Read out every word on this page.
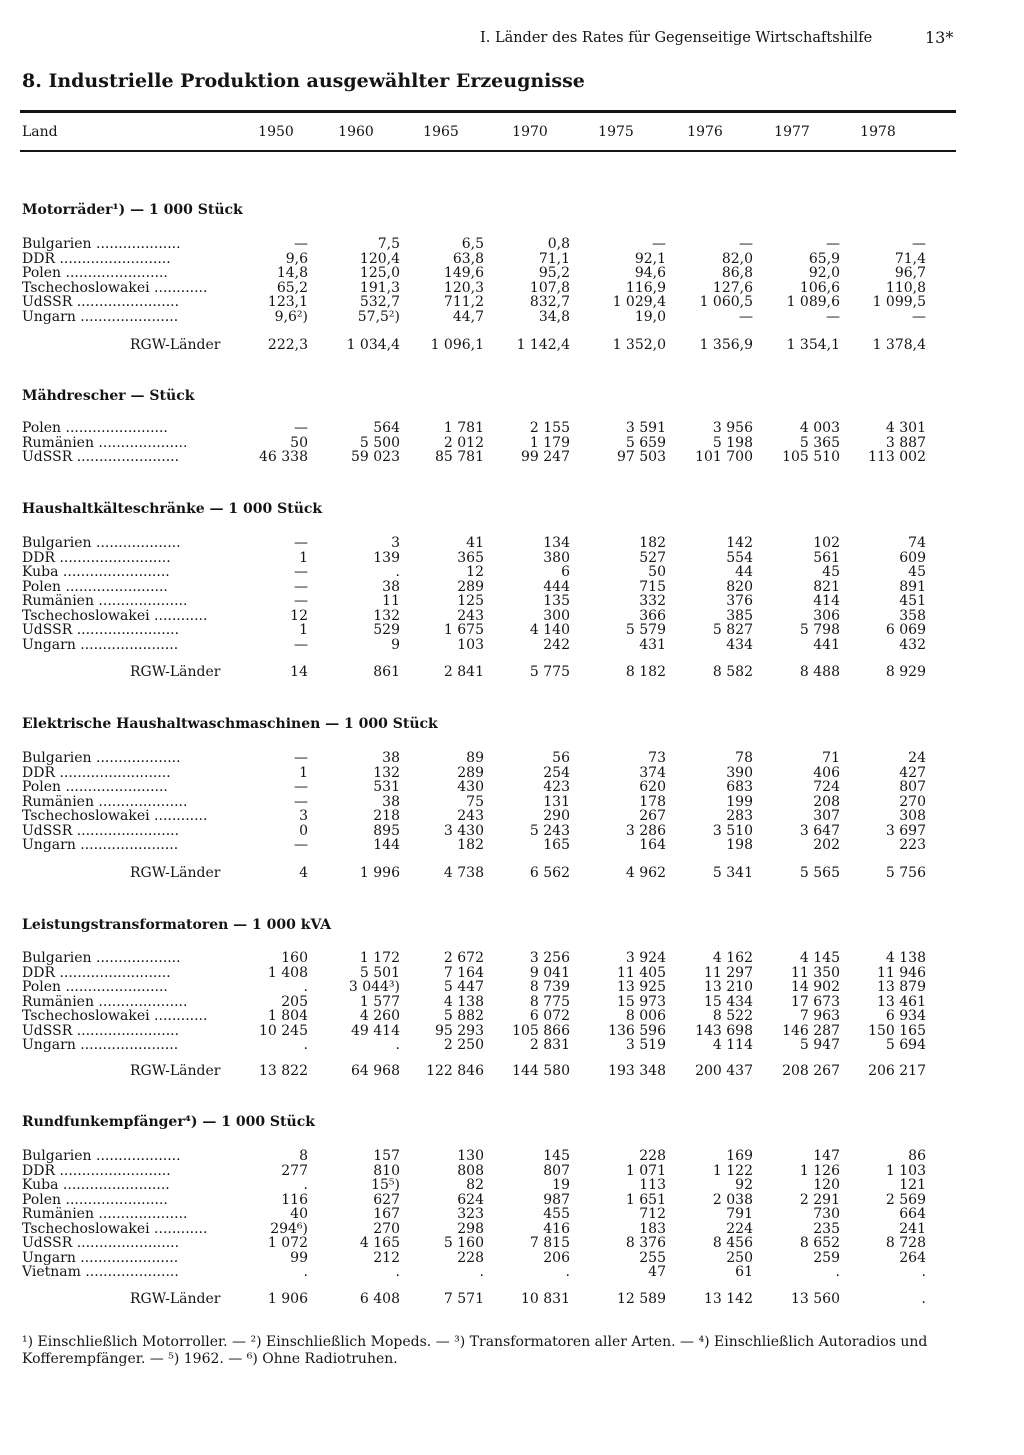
I. Länder des Rates für Gegenseitige Wirtschaftshilfe	13*
8. Industrielle Produktion ausgewählter Erzeugnisse
Land	1950	1960	1965	1970	1975	1976	1977	1978
Motorräder¹) — 1 000 Stück
Bulgarien ...................	—	7,5	6,5	0,8	—	—	—	—
DDR .........................	9,6	120,4	63,8	71,1	92,1	82,0	65,9	71,4
Polen .......................	14,8	125,0	149,6	95,2	94,6	86,8	92,0	96,7
Tschechoslowakei ............	65,2	191,3	120,3	107,8	116,9	127,6	106,6	110,8
UdSSR .......................	123,1	532,7	711,2	832,7	1 029,4	1 060,5	1 089,6	1 099,5
Ungarn ......................	9,6²)	57,5²)	44,7	34,8	19,0	—	—	—
RGW-Länder	222,3	1 034,4	1 096,1	1 142,4	1 352,0	1 356,9	1 354,1	1 378,4
Mähdrescher — Stück
Polen .......................	—	564	1 781	2 155	3 591	3 956	4 003	4 301
Rumänien ....................	50	5 500	2 012	1 179	5 659	5 198	5 365	3 887
UdSSR .......................	46 338	59 023	85 781	99 247	97 503	101 700	105 510	113 002
Haushaltkälteschränke — 1 000 Stück
Bulgarien ...................	—	3	41	134	182	142	102	74
DDR .........................	1	139	365	380	527	554	561	609
Kuba ........................	—	.	12	6	50	44	45	45
Polen .......................	—	38	289	444	715	820	821	891
Rumänien ....................	—	11	125	135	332	376	414	451
Tschechoslowakei ............	12	132	243	300	366	385	306	358
UdSSR .......................	1	529	1 675	4 140	5 579	5 827	5 798	6 069
Ungarn ......................	—	9	103	242	431	434	441	432
RGW-Länder	14	861	2 841	5 775	8 182	8 582	8 488	8 929
Elektrische Haushaltwaschmaschinen — 1 000 Stück
Bulgarien ...................	—	38	89	56	73	78	71	24
DDR .........................	1	132	289	254	374	390	406	427
Polen .......................	—	531	430	423	620	683	724	807
Rumänien ....................	—	38	75	131	178	199	208	270
Tschechoslowakei ............	3	218	243	290	267	283	307	308
UdSSR .......................	0	895	3 430	5 243	3 286	3 510	3 647	3 697
Ungarn ......................	—	144	182	165	164	198	202	223
RGW-Länder	4	1 996	4 738	6 562	4 962	5 341	5 565	5 756
Leistungstransformatoren — 1 000 kVA
Bulgarien ...................	160	1 172	2 672	3 256	3 924	4 162	4 145	4 138
DDR .........................	1 408	5 501	7 164	9 041	11 405	11 297	11 350	11 946
Polen .......................	.	3 044³)	5 447	8 739	13 925	13 210	14 902	13 879
Rumänien ....................	205	1 577	4 138	8 775	15 973	15 434	17 673	13 461
Tschechoslowakei ............	1 804	4 260	5 882	6 072	8 006	8 522	7 963	6 934
UdSSR .......................	10 245	49 414	95 293	105 866	136 596	143 698	146 287	150 165
Ungarn ......................	.	.	2 250	2 831	3 519	4 114	5 947	5 694
RGW-Länder	13 822	64 968	122 846	144 580	193 348	200 437	208 267	206 217
Rundfunkempfänger⁴) — 1 000 Stück
Bulgarien ...................	8	157	130	145	228	169	147	86
DDR .........................	277	810	808	807	1 071	1 122	1 126	1 103
Kuba ........................	.	15⁵)	82	19	113	92	120	121
Polen .......................	116	627	624	987	1 651	2 038	2 291	2 569
Rumänien ....................	40	167	323	455	712	791	730	664
Tschechoslowakei ............	294⁶)	270	298	416	183	224	235	241
UdSSR .......................	1 072	4 165	5 160	7 815	8 376	8 456	8 652	8 728
Ungarn ......................	99	212	228	206	255	250	259	264
Vietnam .....................	.	.	.	.	47	61	.	.
RGW-Länder	1 906	6 408	7 571	10 831	12 589	13 142	13 560	.
¹) Einschließlich Motorroller. — ²) Einschließlich Mopeds. — ³) Transformatoren aller Arten. — ⁴) Einschließlich Autoradios und Kofferempfänger. — ⁵) 1962. — ⁶) Ohne Radiotruhen.
